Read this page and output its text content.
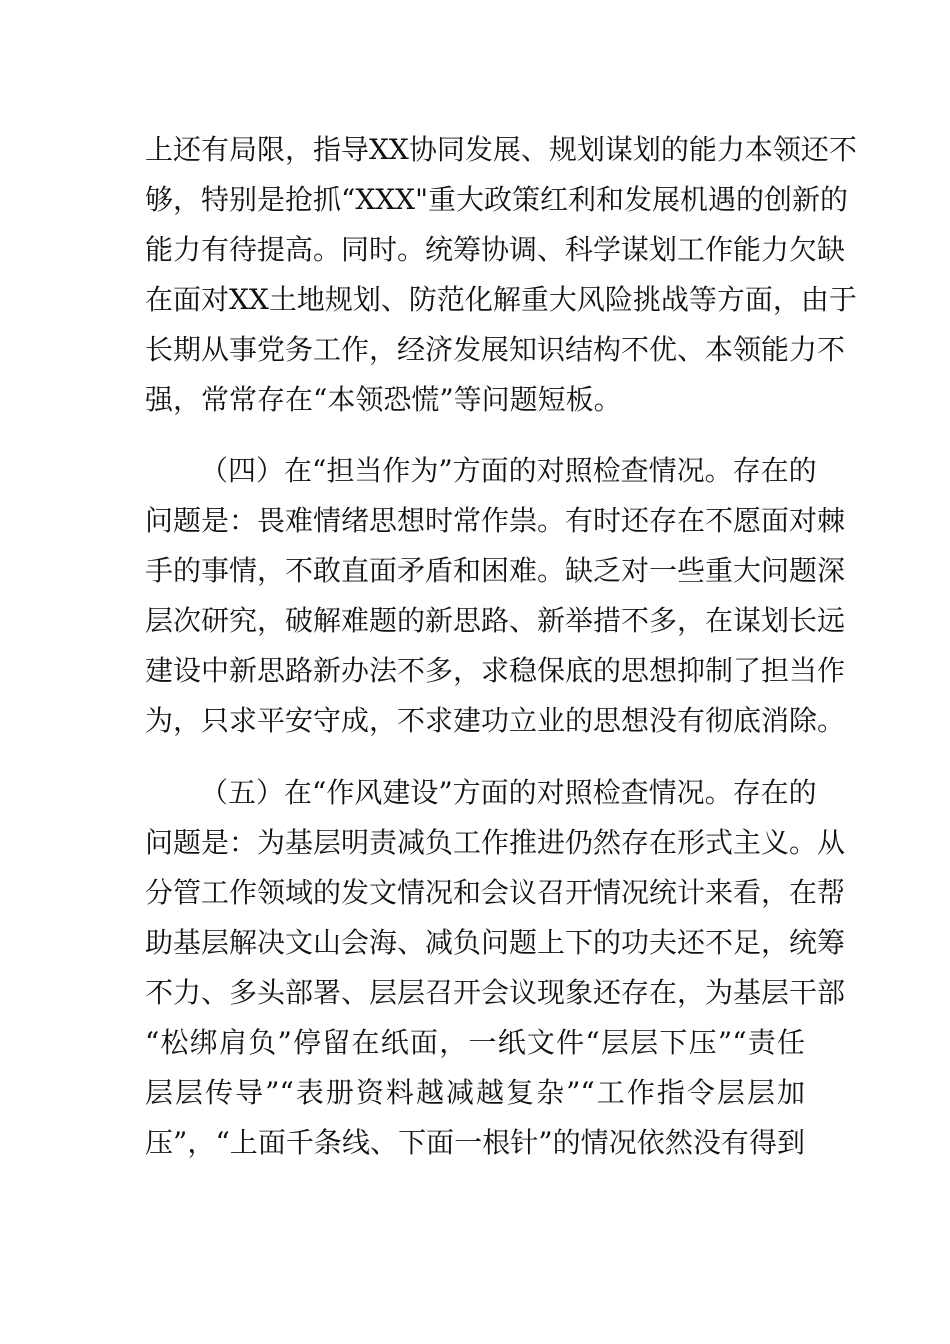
上还有局限，指导XX协同发展、规划谋划的能力本领还不
够，特别是抢抓“XXX"重大政策红利和发展机遇的创新的
能力有待提高。同时。统筹协调、科学谋划工作能力欠缺
在面对XX土地规划、防范化解重大风险挑战等方面，由于
长期从事党务工作，经济发展知识结构不优、本领能力不
强，常常存在“本领恐慌”等问题短板。
（四）在“担当作为”方面的对照检查情况。存在的
问题是：畏难情绪思想时常作祟。有时还存在不愿面对棘
手的事情，不敢直面矛盾和困难。缺乏对一些重大问题深
层次研究，破解难题的新思路、新举措不多，在谋划长远
建设中新思路新办法不多，求稳保底的思想抑制了担当作
为，只求平安守成，不求建功立业的思想没有彻底消除。
（五）在“作风建设”方面的对照检查情况。存在的
问题是：为基层明责减负工作推进仍然存在形式主义。从
分管工作领域的发文情况和会议召开情况统计来看，在帮
助基层解决文山会海、减负问题上下的功夫还不足，统筹
不力、多头部署、层层召开会议现象还存在，为基层干部
“松绑肩负”停留在纸面，一纸文件“层层下压”“责任
层层传导”“表册资料越减越复杂”“工作指令层层加
压”，“上面千条线、下面一根针”的情况依然没有得到
